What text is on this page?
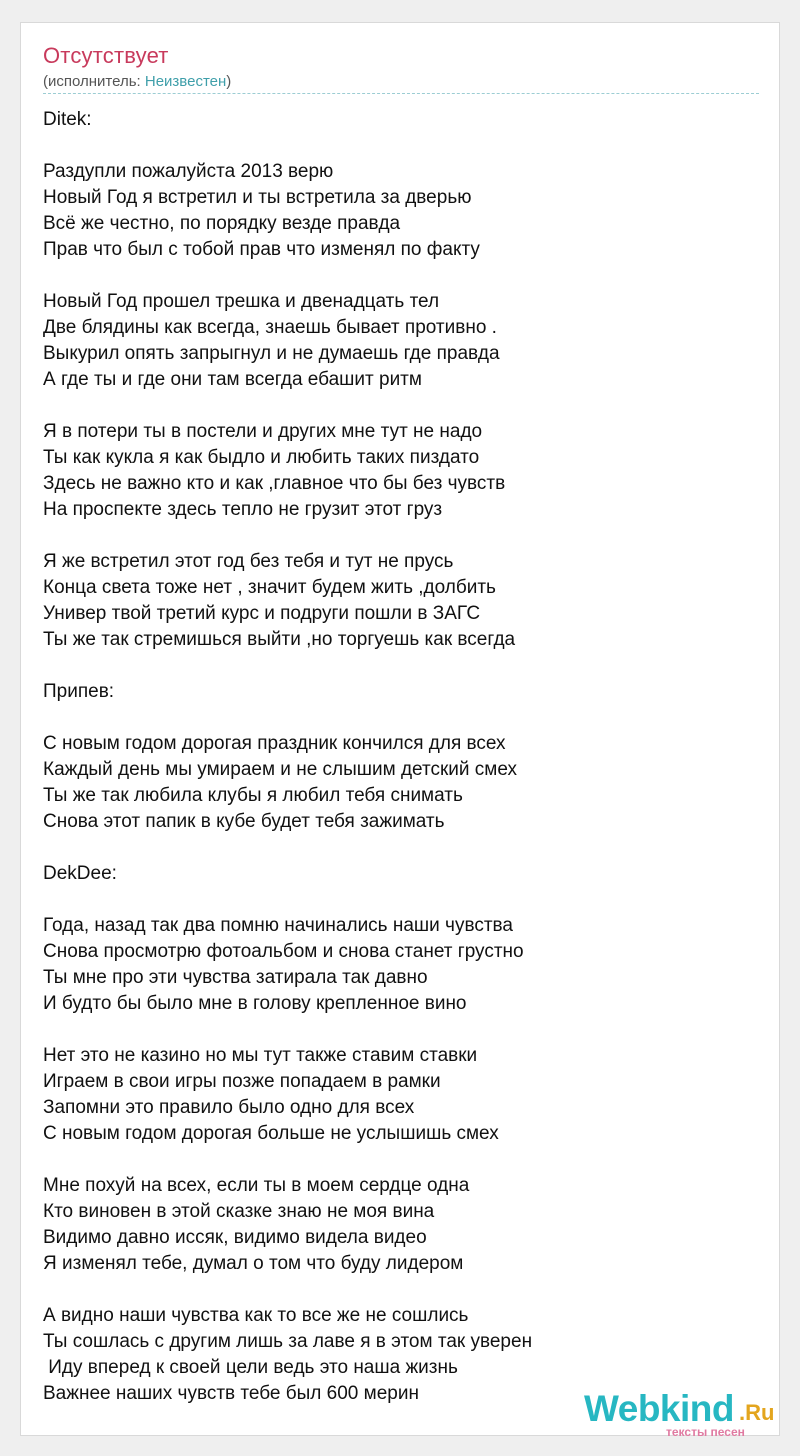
Отсутствует
(исполнитель: Неизвестен)
Ditek:
Раздупли пожалуйста 2013 верю
Новый Год я встретил и ты встретила за дверью
Всё же честно, по порядку везде правда
Прав что был с тобой прав что изменял по факту
Новый Год прошел трешка и двенадцать тел
Две блядины как всегда, знаешь бывает противно .
Выкурил опять запрыгнул и не думаешь где правда
А где ты и где они там всегда ебашит ритм
Я в потери ты в постели и других мне тут не надо
Ты как кукла я как быдло и любить таких пиздато
Здесь не важно кто и как ,главное что бы без чувств
На проспекте здесь тепло не грузит этот груз
Я же встретил этот год без тебя и тут не прусь
Конца света тоже нет , значит будем жить ,долбить
Универ твой третий курс и подруги пошли в ЗАГС
Ты же так стремишься выйти ,но торгуешь как всегда
Припев:
С новым годом дорогая праздник кончился для всех
Каждый день мы умираем и не слышим детский смех
Ты же так любила клубы я любил тебя снимать
Снова этот папик в кубе будет тебя зажимать
DekDee:
Года, назад так два помню начинались наши чувства
Снова просмотрю фотоальбом и снова станет грустно
Ты мне про эти чувства затирала так давно
И будто бы было мне в голову крепленное вино
Нет это не казино но мы тут также ставим ставки
Играем в свои игры позже попадаем в рамки
Запомни это правило было одно для всех
С новым годом дорогая больше не услышишь смех
Мне похуй на всех, если ты в моем сердце одна
Кто виновен в этой сказке знаю не моя вина
Видимо давно иссяк, видимо видела видео
Я изменял тебе, думал о том что буду лидером
А видно наши чувства как то все же не сошлись
Ты сошлась с другим лишь за лаве я в этом так уверен
Иду вперед к своей цели ведь это наша жизнь
Важнее наших чувств тебе был 600 мерин	Webkind .Ru
тексты песен
